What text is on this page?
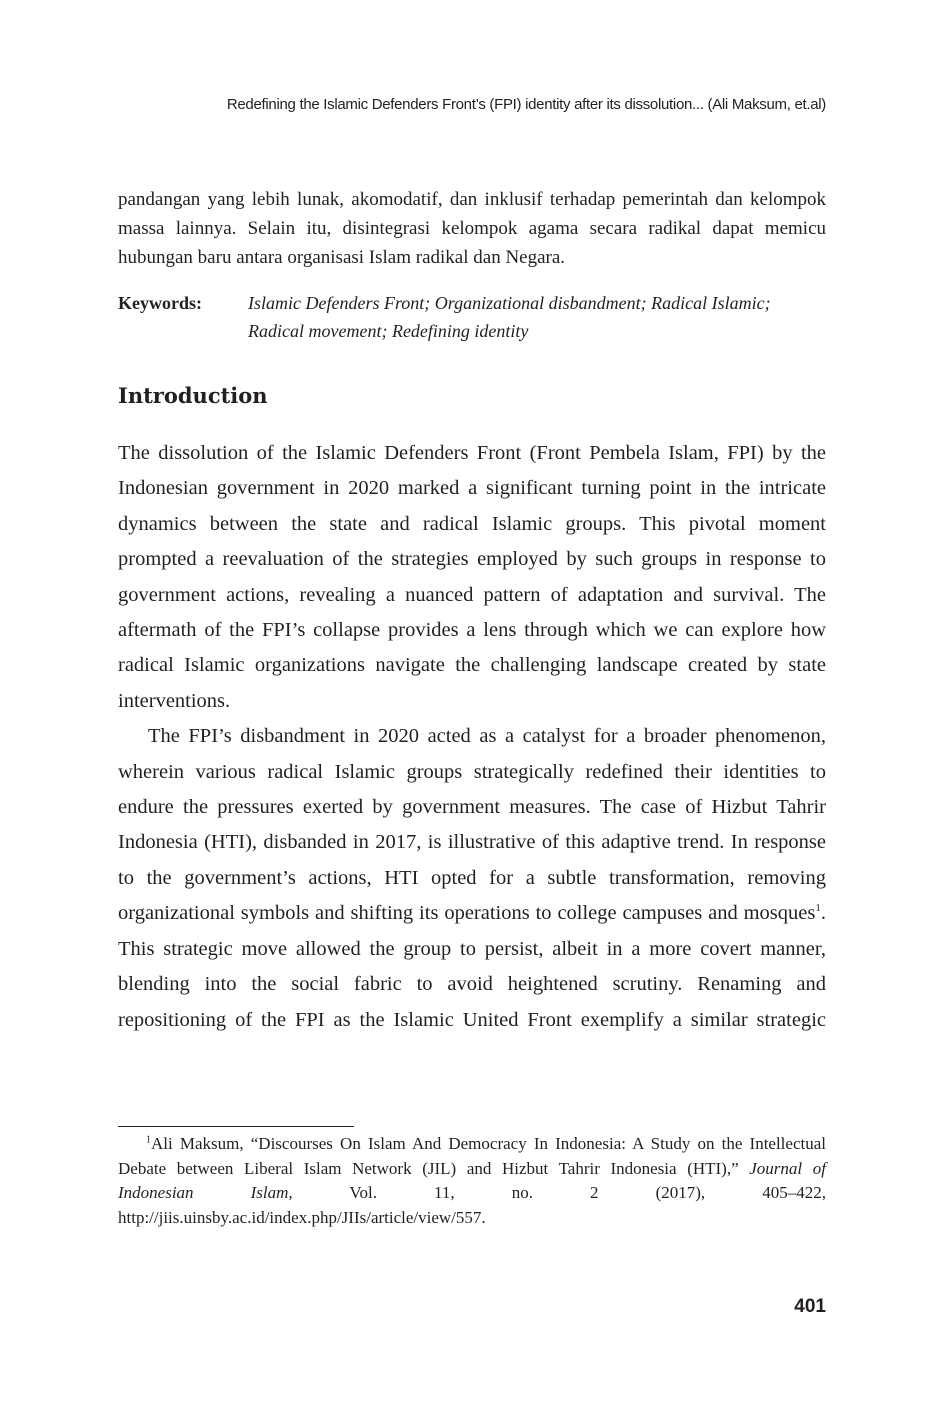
Redefining the Islamic Defenders Front’s (FPI) identity after its dissolution... (Ali Maksum, et.al)

pandangan yang lebih lunak, akomodatif, dan inklusif terhadap pemerintah dan kelompok massa lainnya. Selain itu, disintegrasi kelompok agama secara radikal dapat memicu hubungan baru antara organisasi Islam radikal dan Negara.

Keywords:	Islamic Defenders Front; Organizational disbandment; Radical Islamic; Radical movement; Redefining identity
Introduction

The dissolution of the Islamic Defenders Front (Front Pembela Islam, FPI) by the Indonesian government in 2020 marked a significant turning point in the intricate dynamics between the state and radical Islamic groups. This pivotal moment prompted a reevaluation of the strategies employed by such groups in response to government actions, revealing a nuanced pattern of adaptation and survival. The aftermath of the FPI’s collapse provides a lens through which we can explore how radical Islamic organizations navigate the challenging landscape created by state interventions.

The FPI’s disbandment in 2020 acted as a catalyst for a broader phenomenon, wherein various radical Islamic groups strategically redefined their identities to endure the pressures exerted by government measures. The case of Hizbut Tahrir Indonesia (HTI), disbanded in 2017, is illustrative of this adaptive trend. In response to the government’s actions, HTI opted for a subtle transformation, removing organizational symbols and shifting its operations to college campuses and mosques$^1$. This strategic move allowed the group to persist, albeit in a more covert manner, blending into the social fabric to avoid heightened scrutiny. Renaming and repositioning of the FPI as the Islamic United Front exemplify a similar strategic

$^1$Ali Maksum, “Discourses On Islam And Democracy In Indonesia: A Study on the Intellectual Debate between Liberal Islam Network (JIL) and Hizbut Tahrir Indonesia (HTI),” Journal of Indonesian Islam, Vol. 11, no. 2 (2017), 405–422, http://jiis.uinsby.ac.id/index.php/JIIs/article/view/557.

401
